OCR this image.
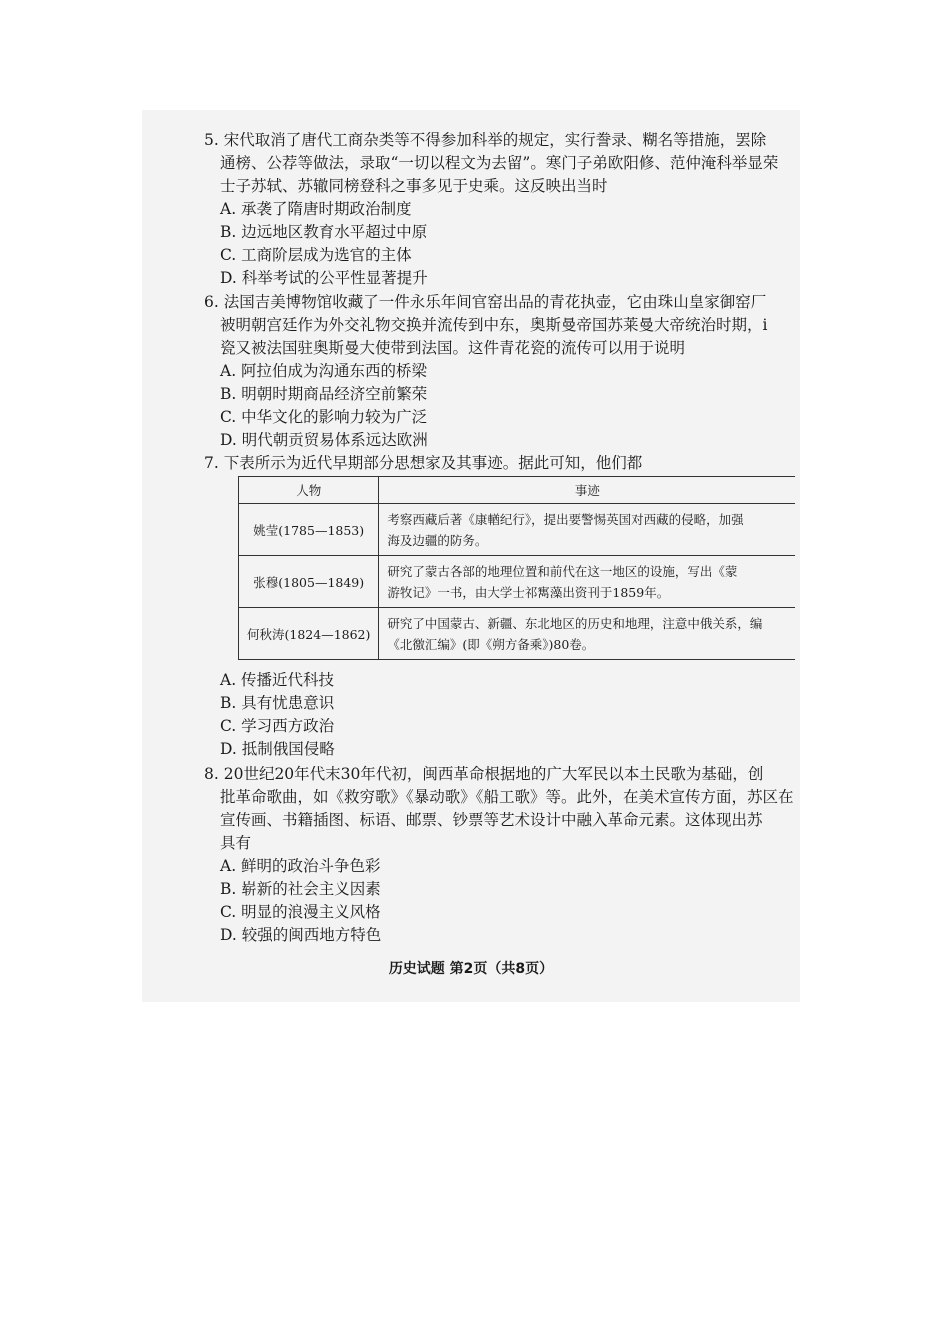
5. 宋代取消了唐代工商杂类等不得参加科举的规定，实行誊录、糊名等措施，罢除
通榜、公荐等做法，录取“一切以程文为去留”。寒门子弟欧阳修、范仲淹科举显荣
士子苏轼、苏辙同榜登科之事多见于史乘。这反映出当时
A. 承袭了隋唐时期政治制度
B. 边远地区教育水平超过中原
C. 工商阶层成为选官的主体
D. 科举考试的公平性显著提升
6. 法国吉美博物馆收藏了一件永乐年间官窑出品的青花执壶，它由珠山皇家御窑厂
被明朝宫廷作为外交礼物交换并流传到中东，奥斯曼帝国苏莱曼大帝统治时期，i
瓷又被法国驻奥斯曼大使带到法国。这件青花瓷的流传可以用于说明
A. 阿拉伯成为沟通东西的桥梁
B. 明朝时期商品经济空前繁荣
C. 中华文化的影响力较为广泛
D. 明代朝贡贸易体系远达欧洲
7. 下表所示为近代早期部分思想家及其事迹。据此可知，他们都
人物	事迹
姚莹(1785—1853)	考察西藏后著《康輶纪行》，提出要警惕英国对西藏的侵略，加强
海及边疆的防务。

张穆(1805—1849)	研究了蒙古各部的地理位置和前代在这一地区的设施，写出《蒙
游牧记》一书，由大学士祁寯藻出资刊于1859年。

何秋涛(1824—1862)	研究了中国蒙古、新疆、东北地区的历史和地理，注意中俄关系，编
《北徼汇编》(即《朔方备乘》)80卷。
A. 传播近代科技
B. 具有忧患意识
C. 学习西方政治
D. 抵制俄国侵略
8. 20世纪20年代末30年代初，闽西革命根据地的广大军民以本土民歌为基础，创
批革命歌曲，如《救穷歌》《暴动歌》《船工歌》等。此外，在美术宣传方面，苏区在
宣传画、书籍插图、标语、邮票、钞票等艺术设计中融入革命元素。这体现出苏
具有
A. 鲜明的政治斗争色彩
B. 崭新的社会主义因素
C. 明显的浪漫主义风格
D. 较强的闽西地方特色
历史试题 第2页（共8页）
